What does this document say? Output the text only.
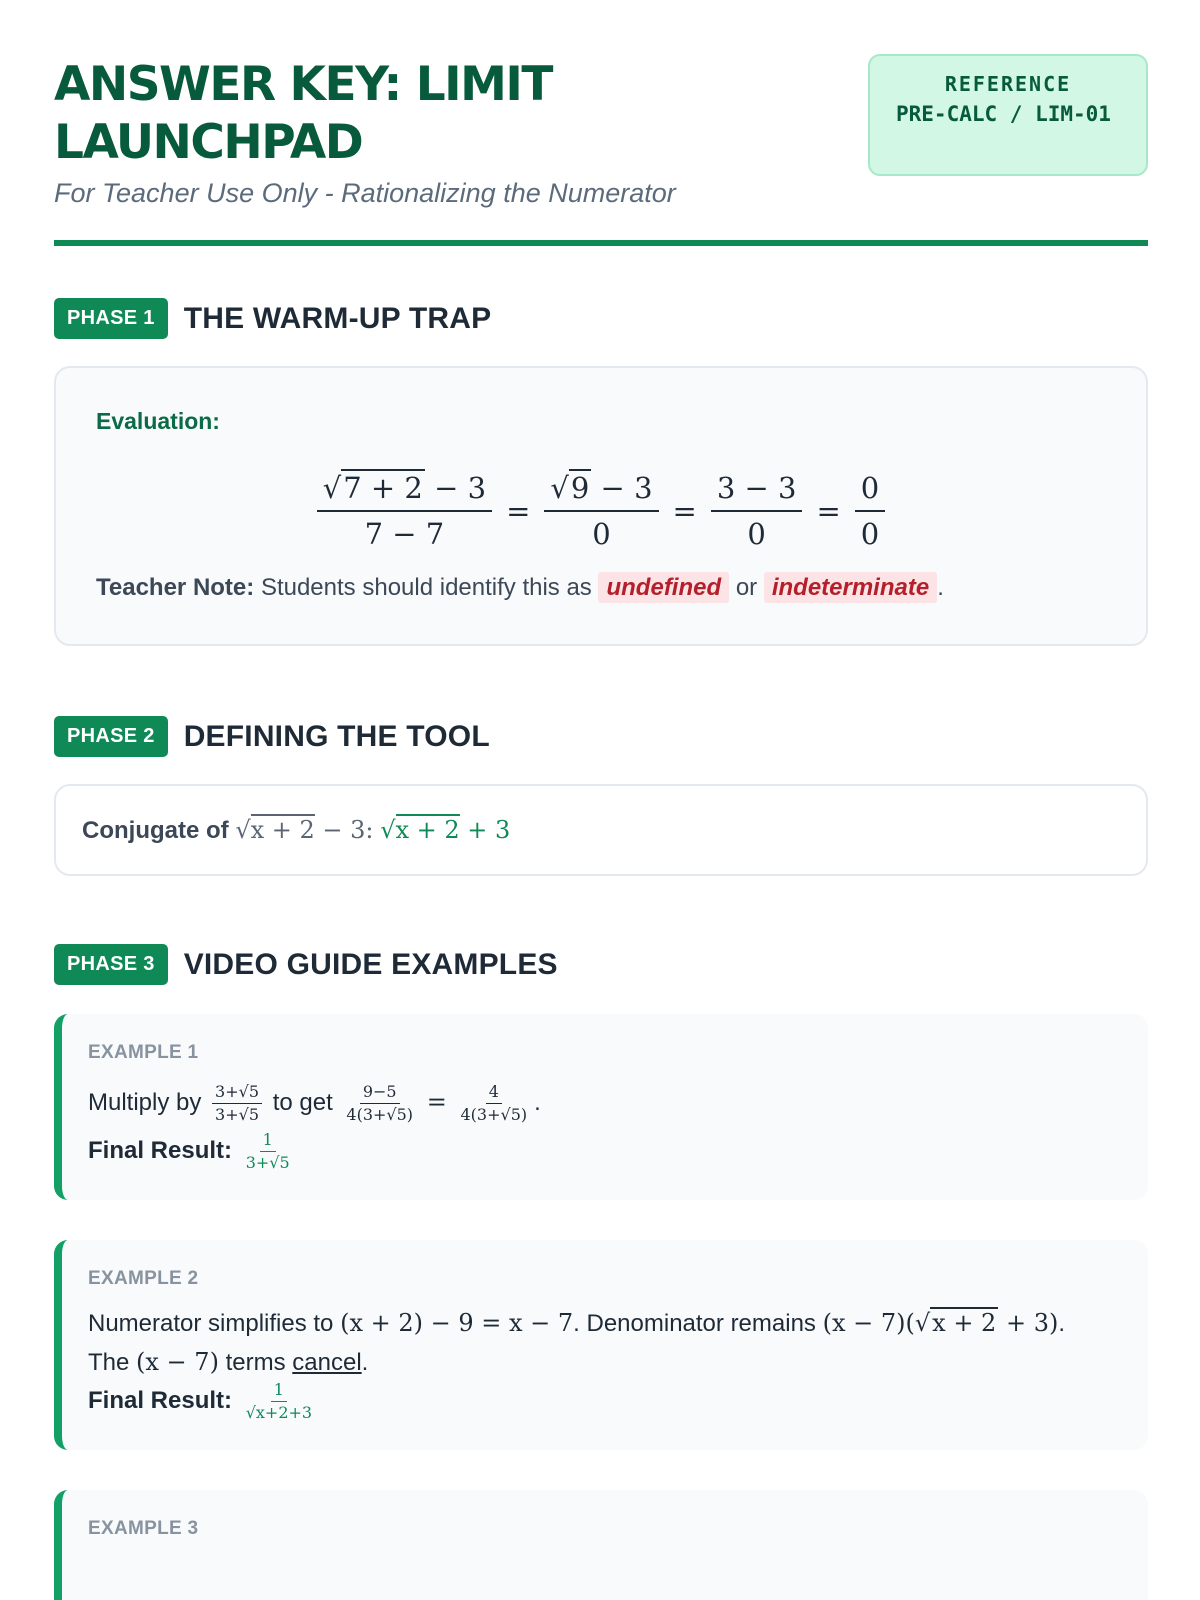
ANSWER KEY: LIMIT LAUNCHPAD
For Teacher Use Only - Rationalizing the Numerator
REFERENCE
PRE-CALC / LIM-01
PHASE 1 THE WARM-UP TRAP
Evaluation:
$\frac{√7 + 2 - 3}{7 - 7} = \frac{√9 - 3}{0} = \frac{3 - 3}{0} = \frac{0}{0}$
Teacher Note: Students should identify this as undefined or indeterminate .
PHASE 2 DEFINING THE TOOL
Conjugate of √x + 2 − 3: √x + 2 + 3
PHASE 3 VIDEO GUIDE EXAMPLES
EXAMPLE 1
Multiply by $\frac{3+√5}{3+√5}$ to get $\frac{9-5}{4(3+√5)} = \frac{4}{4(3+√5)}$ .
Final Result: $\frac{1}{3+√5}$
EXAMPLE 2
Numerator simplifies to (x + 2) − 9 = x − 7. Denominator remains (x − 7)(√x + 2 + 3).
The (x − 7) terms cancel.
Final Result: $\frac{1}{√x+2+3}$
EXAMPLE 3
